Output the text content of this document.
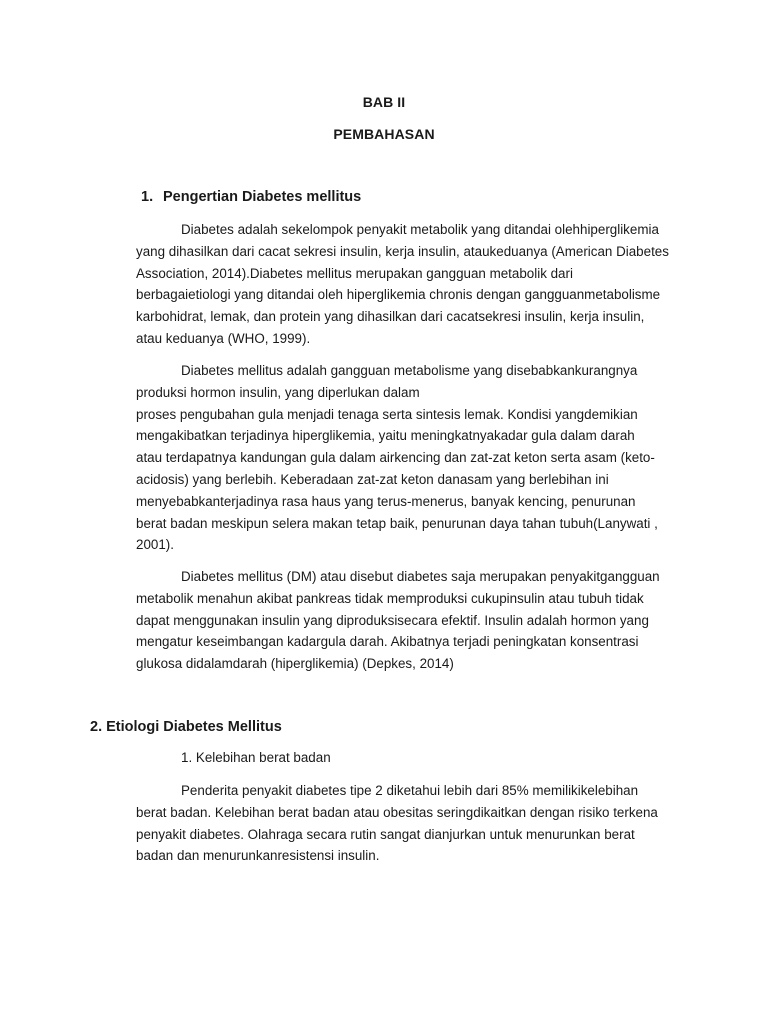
BAB II
PEMBAHASAN
1. Pengertian Diabetes mellitus
Diabetes adalah sekelompok penyakit metabolik yang ditandai olehhiperglikemia
yang dihasilkan dari cacat sekresi insulin, kerja insulin, ataukeduanya (American Diabetes
Association, 2014).Diabetes mellitus merupakan gangguan metabolik dari
berbagaietiologi yang ditandai oleh hiperglikemia chronis dengan gangguanmetabolisme
karbohidrat, lemak, dan protein yang dihasilkan dari cacatsekresi insulin, kerja insulin,
atau keduanya (WHO, 1999).
Diabetes mellitus adalah gangguan metabolisme yang disebabkankurangnya
produksi hormon insulin, yang diperlukan dalam
proses pengubahan gula menjadi tenaga serta sintesis lemak. Kondisi yangdemikian
mengakibatkan terjadinya hiperglikemia, yaitu meningkatnyakadar gula dalam darah
atau terdapatnya kandungan gula dalam airkencing dan zat-zat keton serta asam (keto-
acidosis) yang berlebih. Keberadaan zat-zat keton danasam yang berlebihan ini
menyebabkanterjadinya rasa haus yang terus-menerus, banyak kencing, penurunan
berat badan meskipun selera makan tetap baik, penurunan daya tahan tubuh(Lanywati ,
2001).
Diabetes mellitus (DM) atau disebut diabetes saja merupakan penyakitgangguan
metabolik menahun akibat pankreas tidak memproduksi cukupinsulin atau tubuh tidak
dapat menggunakan insulin yang diproduksisecara efektif. Insulin adalah hormon yang
mengatur keseimbangan kadargula darah. Akibatnya terjadi peningkatan konsentrasi
glukosa didalamdarah (hiperglikemia) (Depkes, 2014)
2. Etiologi Diabetes Mellitus
1. Kelebihan berat badan
Penderita penyakit diabetes tipe 2 diketahui lebih dari 85% memilikikelebihan
berat badan. Kelebihan berat badan atau obesitas seringdikaitkan dengan risiko terkena
penyakit diabetes. Olahraga secara rutin sangat dianjurkan untuk menurunkan berat
badan dan menurunkanresistensi insulin.
